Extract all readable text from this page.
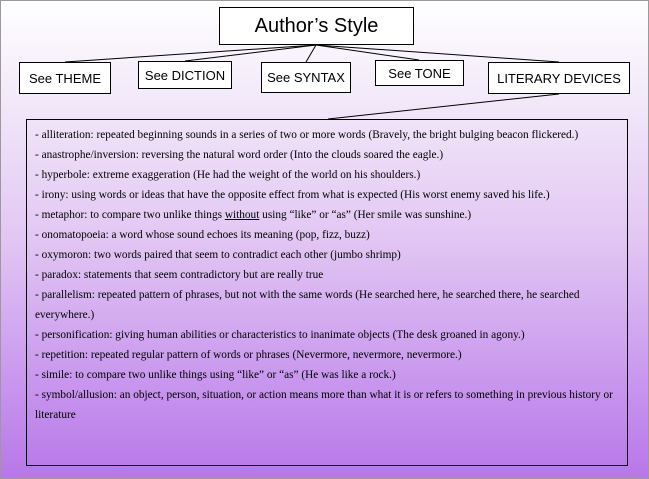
Author’s Style
See THEME	See DICTION	See SYNTAX	See TONE	LITERARY DEVICES

- alliteration: repeated beginning sounds in a series of two or more words (Bravely, the bright bulging beacon flickered.)

- anastrophe/inversion: reversing the natural word order (Into the clouds soared the eagle.)

- hyperbole: extreme exaggeration (He had the weight of the world on his shoulders.)

- irony: using words or ideas that have the opposite effect from what is expected (His worst enemy saved his life.)

- metaphor: to compare two unlike things without using “like” or “as” (Her smile was sunshine.)

- onomatopoeia: a word whose sound echoes its meaning (pop, fizz, buzz)

- oxymoron: two words paired that seem to contradict each other (jumbo shrimp)

- paradox: statements that seem contradictory but are really true

- parallelism: repeated pattern of phrases, but not with the same words (He searched here, he searched there, he searched everywhere.)

- personification: giving human abilities or characteristics to inanimate objects (The desk groaned in agony.)

- repetition: repeated regular pattern of words or phrases (Nevermore, nevermore, nevermore.)

- simile: to compare two unlike things using “like” or “as” (He was like a rock.)

- symbol/allusion: an object, person, situation, or action means more than what it is or refers to something in previous history or literature
